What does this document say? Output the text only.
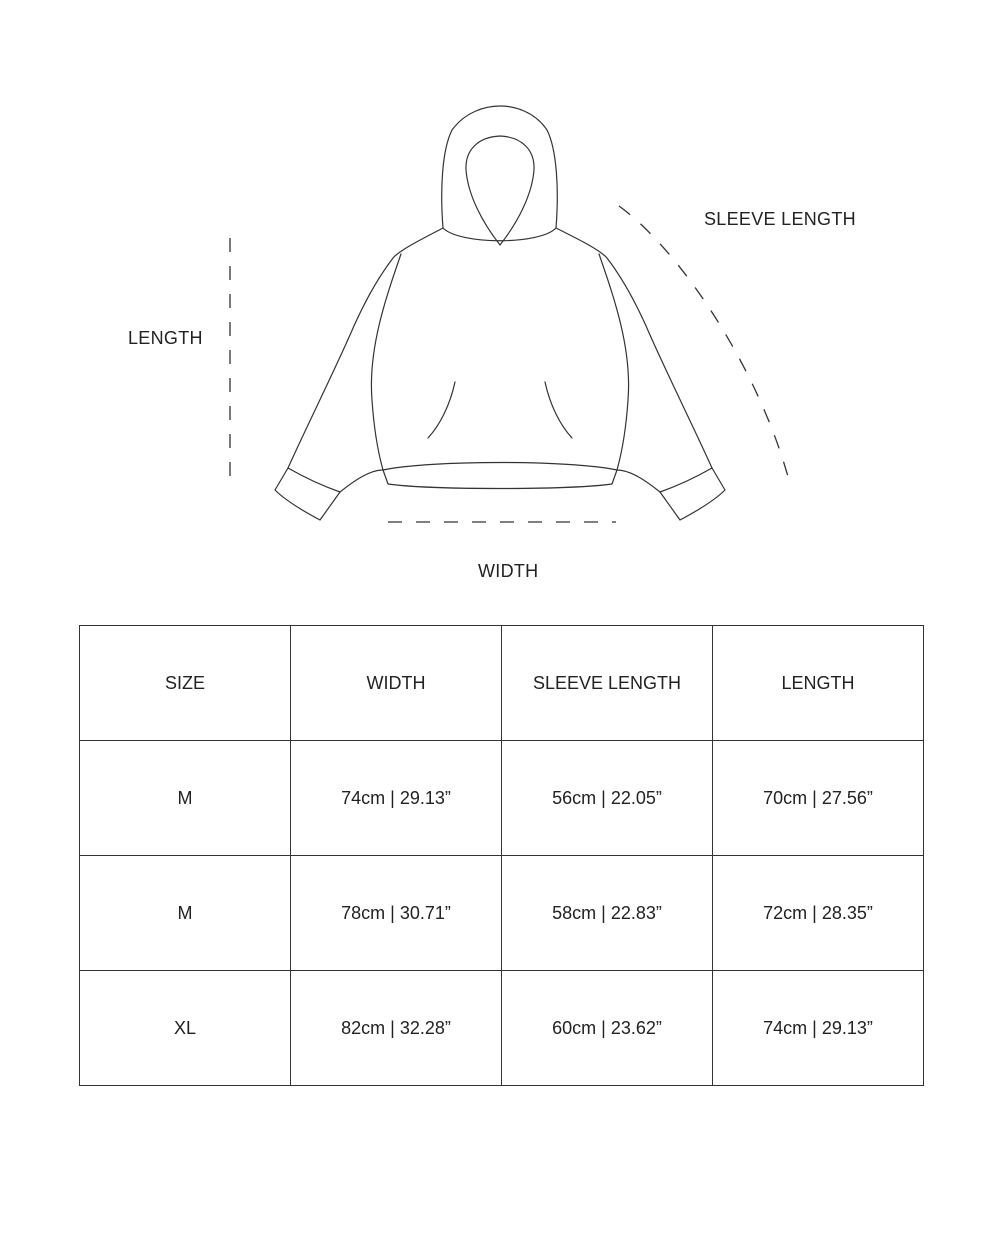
SLEEVE LENGTH
LENGTH
WIDTH
SIZE	WIDTH	SLEEVE LENGTH	LENGTH
M	74cm | 29.13”	56cm | 22.05”	70cm | 27.56”
M	78cm | 30.71”	58cm | 22.83”	72cm | 28.35”
XL	82cm | 32.28”	60cm | 23.62”	74cm | 29.13”
